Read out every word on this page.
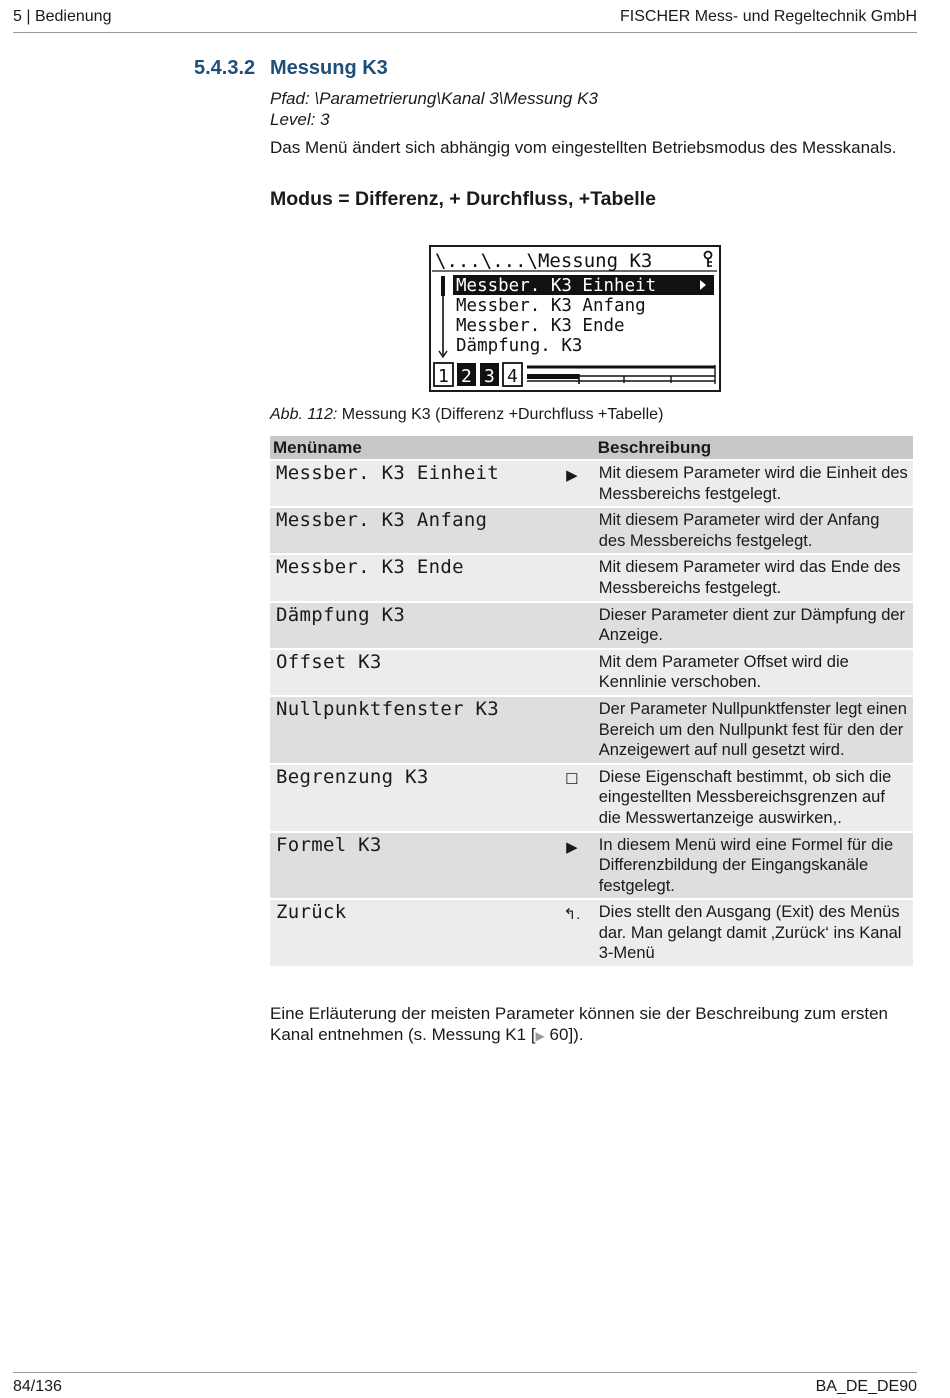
5 | Bedienung	FISCHER Mess- und Regeltechnik GmbH
5.4.3.2 Messung K3
Pfad: \Parametrierung\Kanal 3\Messung K3
Level: 3
Das Menü ändert sich abhängig vom eingestellten Betriebsmodus des Messkanals.
Modus = Differenz, + Durchfluss, +Tabelle
\...\...\Messung K3
Messber. K3 Einheit
Messber. K3 Anfang
Messber. K3 Ende
Dämpfung. K3
1 2 3 4
Abb. 112: Messung K3 (Differenz +Durchfluss +Tabelle)
Menüname		Beschreibung
Messber. K3 Einheit	▶	Mit diesem Parameter wird die Einheit des Messbereichs festgelegt.
Messber. K3 Anfang		Mit diesem Parameter wird der Anfang des Messbereichs festgelegt.
Messber. K3 Ende		Mit diesem Parameter wird das Ende des Messbereichs festgelegt.
Dämpfung K3		Dieser Parameter dient zur Dämpfung der Anzeige.
Offset K3		Mit dem Parameter Offset wird die Kennlinie verschoben.
Nullpunktfenster K3		Der Parameter Nullpunktfenster legt einen Bereich um den Nullpunkt fest für den der Anzeigewert auf null gesetzt wird.
Begrenzung K3	☐	Diese Eigenschaft bestimmt, ob sich die eingestellten Messbereichsgrenzen auf die Messwertanzeige auswirken,.
Formel K3	▶	In diesem Menü wird eine Formel für die Differenzbildung der Eingangskanäle festgelegt.
Zurück	↰.	Dies stellt den Ausgang (Exit) des Menüs dar. Man gelangt damit ‚Zurück‘ ins Kanal 3-Menü
Eine Erläuterung der meisten Parameter können sie der Beschreibung zum ersten Kanal entnehmen (s. Messung K1 [▶ 60]).
84/136	BA_DE_DE90
